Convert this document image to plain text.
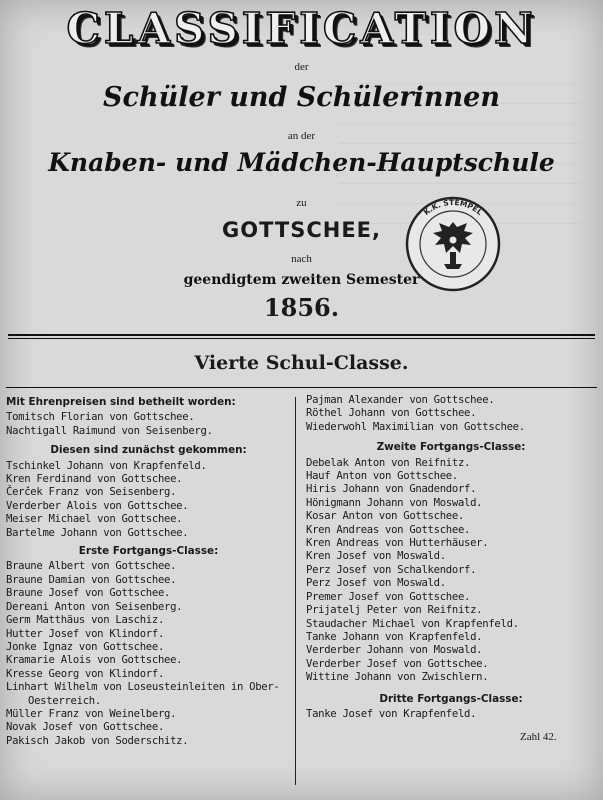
CLASSIFICATION
der
Schüler und Schülerinnen
an der
Knaben- und Mädchen-Hauptschule
zu
GOTTSCHEE,
nach
geendigtem zweiten Semester
1856.
K.K. STEMPEL
Vierte Schul-Classe.
Mit Ehrenpreisen sind betheilt worden:
Tomitsch Florian von Gottschee.
Nachtigall Raimund von Seisenberg.
Diesen sind zunächst gekommen:
Tschinkel Johann von Krapfenfeld.
Kren Ferdinand von Gottschee.
Čerček Franz von Seisenberg.
Verderber Alois von Gottschee.
Meiser Michael von Gottschee.
Bartelme Johann von Gottschee.
Erste Fortgangs-Classe:
Braune Albert von Gottschee.
Braune Damian von Gottschee.
Braune Josef von Gottschee.
Dereani Anton von Seisenberg.
Germ Matthäus von Laschiz.
Hutter Josef von Klindorf.
Jonke Ignaz von Gottschee.
Kramarie Alois von Gottschee.
Kresse Georg von Klindorf.
Linhart Wilhelm von Loseusteinleiten in Ober-
Oesterreich.
Müller Franz von Weinelberg.
Novak Josef von Gottschee.
Pakisch Jakob von Soderschitz.
Pajman Alexander von Gottschee.
Röthel Johann von Gottschee.
Wiederwohl Maximilian von Gottschee.
Zweite Fortgangs-Classe:
Debelak Anton von Reifnitz.
Hauf Anton von Gottschee.
Hiris Johann von Gnadendorf.
Hönigmann Johann von Moswald.
Kosar Anton von Gottschee.
Kren Andreas von Gottschee.
Kren Andreas von Hutterhäuser.
Kren Josef von Moswald.
Perz Josef von Schalkendorf.
Perz Josef von Moswald.
Premer Josef von Gottschee.
Prijatelj Peter von Reifnitz.
Staudacher Michael von Krapfenfeld.
Tanke Johann von Krapfenfeld.
Verderber Johann von Moswald.
Verderber Josef von Gottschee.
Wittine Johann von Zwischlern.
Dritte Fortgangs-Classe:
Tanke Josef von Krapfenfeld.
Zahl 42.
